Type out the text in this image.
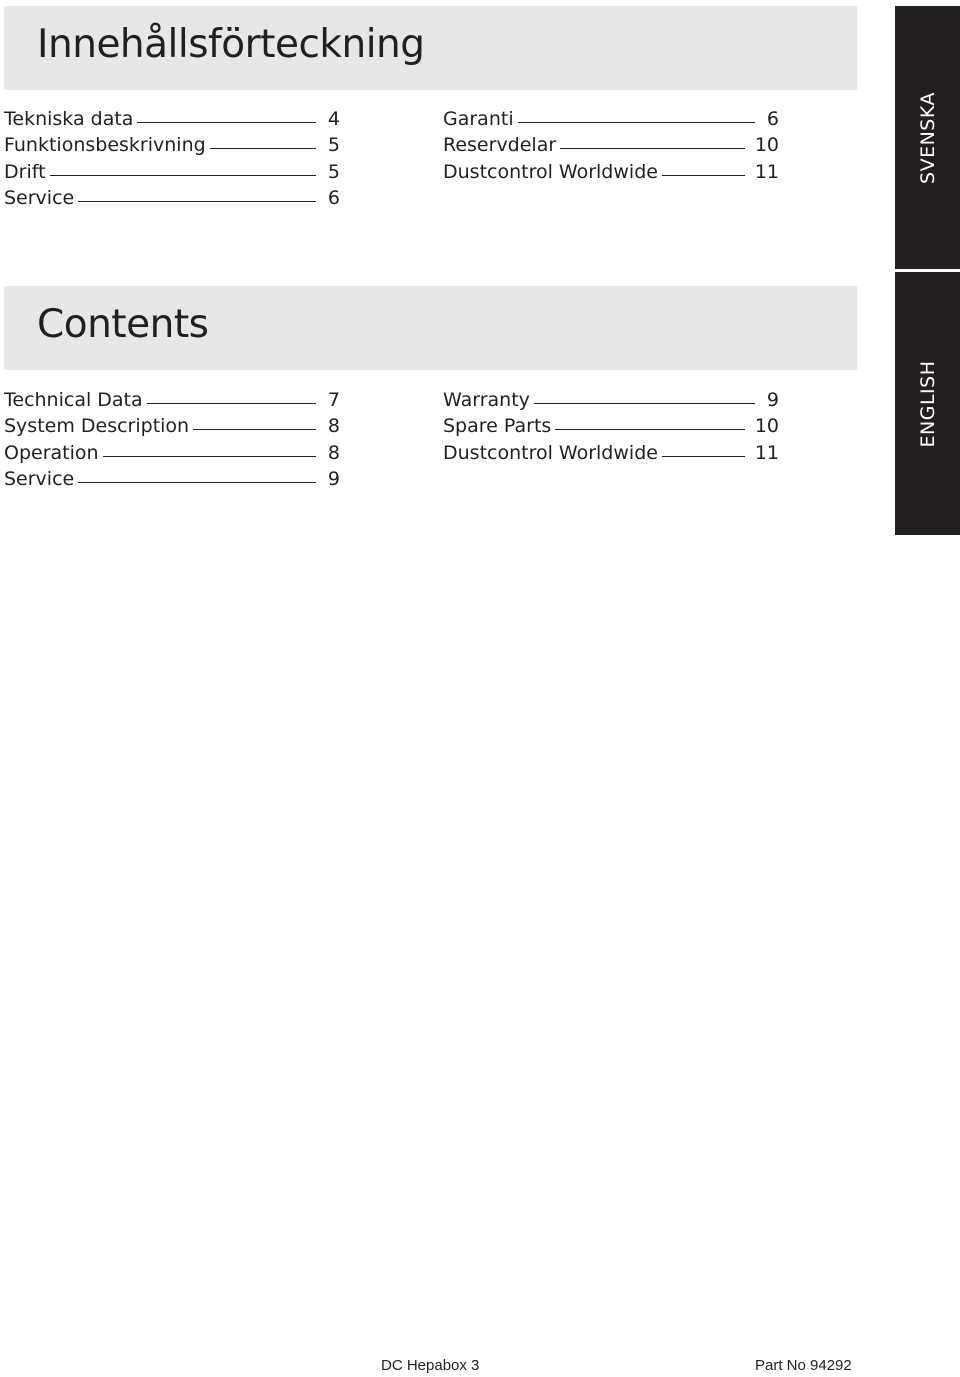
Innehållsförteckning
Tekniska data	4
Funktionsbeskrivning	5
Drift	5
Service	6
Garanti	6
Reservdelar	10
Dustcontrol Worldwide	11
Contents
Technical Data	7
System Description	8
Operation	8
Service	9
Warranty	9
Spare Parts	10
Dustcontrol Worldwide	11
SVENSKA
ENGLISH
DC Hepabox 3	Part No 94292
